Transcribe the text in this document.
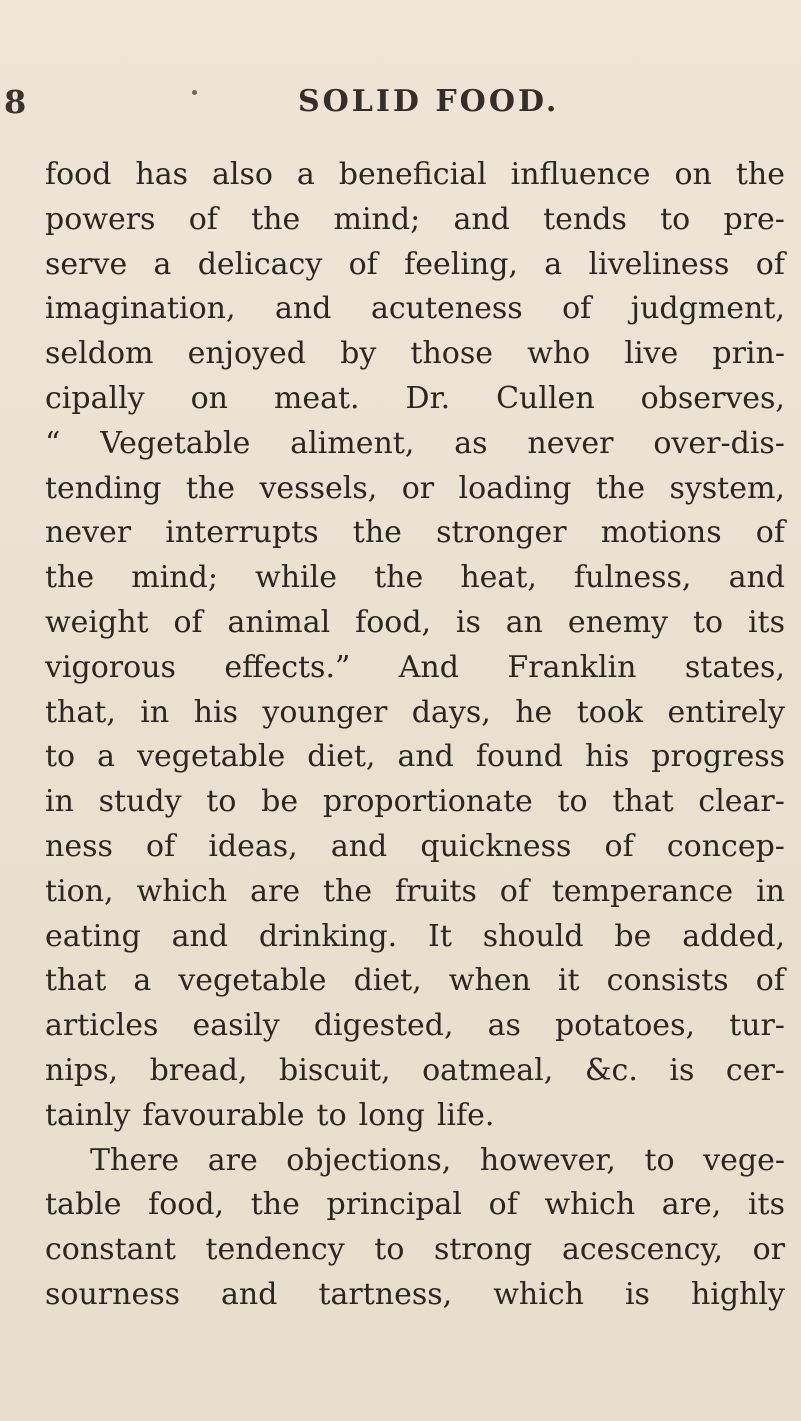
8	SOLID FOOD.
food has also a beneficial influence on the
powers of the mind; and tends to pre-
serve a delicacy of feeling, a liveliness of
imagination, and acuteness of judgment,
seldom enjoyed by those who live prin-
cipally on meat. Dr. Cullen observes,
“ Vegetable aliment, as never over-dis-
tending the vessels, or loading the system,
never interrupts the stronger motions of
the mind; while the heat, fulness, and
weight of animal food, is an enemy to its
vigorous effects.” And Franklin states,
that, in his younger days, he took entirely
to a vegetable diet, and found his progress
in study to be proportionate to that clear-
ness of ideas, and quickness of concep-
tion, which are the fruits of temperance in
eating and drinking. It should be added,
that a vegetable diet, when it consists of
articles easily digested, as potatoes, tur-
nips, bread, biscuit, oatmeal, &c. is cer-
tainly favourable to long life.
There are objections, however, to vege-
table food, the principal of which are, its
constant tendency to strong acescency, or
sourness and tartness, which is highly
